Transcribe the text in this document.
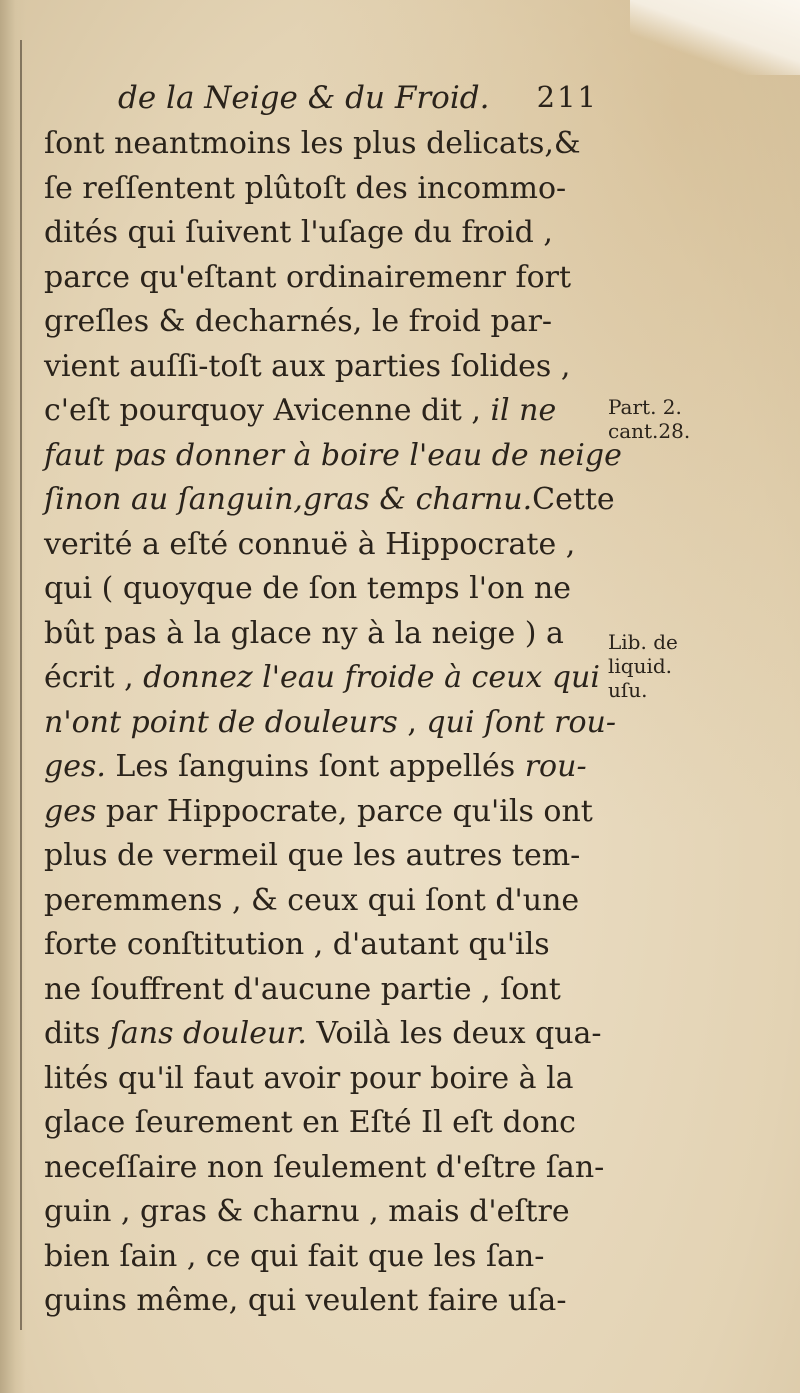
de la Neige & du Froid. 211
ſont neantmoins les plus delicats,&
ſe reſſentent plûtoſt des incommo-
dités qui ſuivent l'uſage du froid ,
parce qu'eſtant ordinairemenr fort
greſles & decharnés, le froid par-
vient auſſi-toſt aux parties ſolides ,
c'eſt pourquoy Avicenne dit , il ne
faut pas donner à boire l'eau de neige
ſinon au ſanguin,gras & charnu.Cette
verité a eſté connuë à Hippocrate ,
qui ( quoyque de ſon temps l'on ne
bût pas à la glace ny à la neige ) a
écrit , donnez l'eau froide à ceux qui
n'ont point de douleurs , qui ſont rou-
ges. Les ſanguins ſont appellés rou-
ges par Hippocrate, parce qu'ils ont
plus de vermeil que les autres tem-
peremmens , & ceux qui ſont d'une
forte conſtitution , d'autant qu'ils
ne ſouffrent d'aucune partie , ſont
dits ſans douleur. Voilà les deux qua-
lités qu'il faut avoir pour boire à la
glace ſeurement en Eſté Il eſt donc
neceſſaire non ſeulement d'eſtre ſan-
guin , gras & charnu , mais d'eſtre
bien ſain , ce qui fait que les ſan-
guins même, qui veulent faire uſa-
Part. 2.
cant.28.
Lib. de
liquid.
uſu.
